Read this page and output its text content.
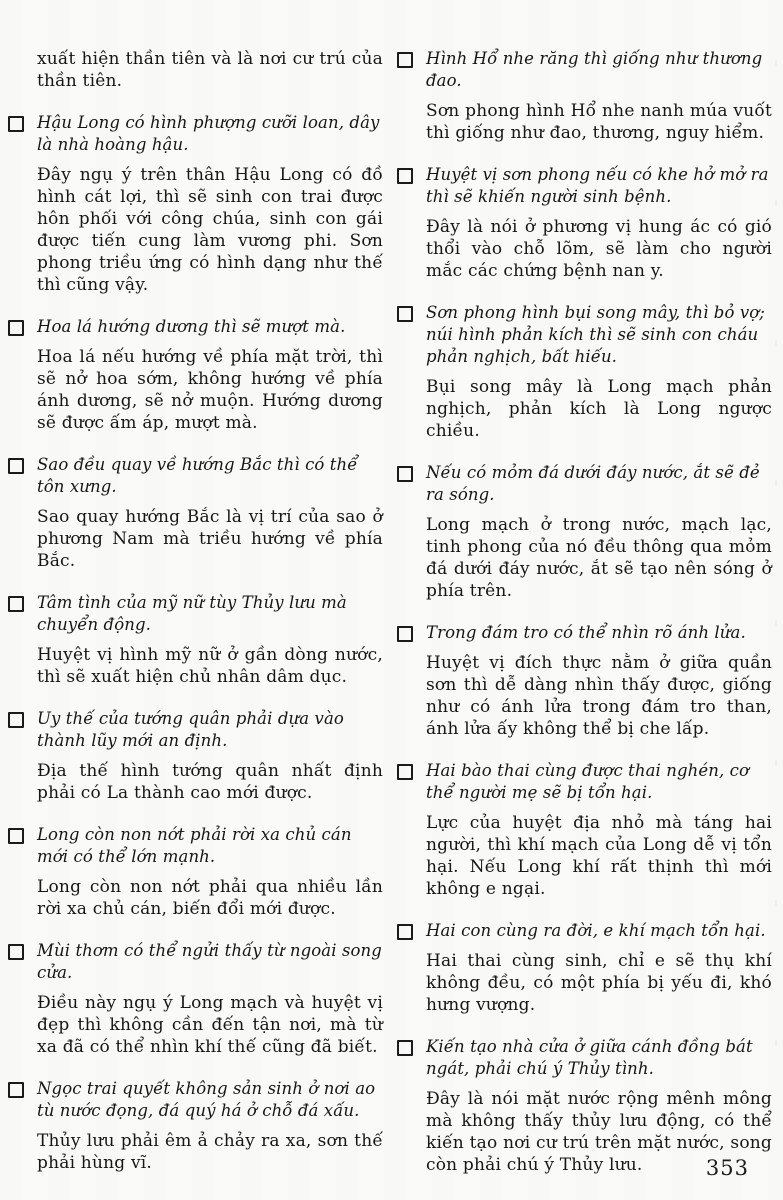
xuất hiện thần tiên và là nơi cư trú của thần tiên.

Hậu Long có hình phượng cưỡi loan, dây là nhà hoàng hậu.

Đây ngụ ý trên thân Hậu Long có đồ hình cát lợi, thì sẽ sinh con trai được hôn phối với công chúa, sinh con gái được tiến cung làm vương phi. Sơn phong triều ứng có hình dạng như thế thì cũng vậy.

Hoa lá hướng dương thì sẽ mượt mà.

Hoa lá nếu hướng về phía mặt trời, thì sẽ nở hoa sớm, không hướng về phía ánh dương, sẽ nở muộn. Hướng dương sẽ được ấm áp, mượt mà.

Sao đều quay về hướng Bắc thì có thể tôn xưng.

Sao quay hướng Bắc là vị trí của sao ở phương Nam mà triều hướng về phía Bắc.

Tâm tình của mỹ nữ tùy Thủy lưu mà chuyển động.

Huyệt vị hình mỹ nữ ở gần dòng nước, thì sẽ xuất hiện chủ nhân dâm dục.

Uy thế của tướng quân phải dựa vào thành lũy mới an định.

Địa thế hình tướng quân nhất định phải có La thành cao mới được.

Long còn non nớt phải rời xa chủ cán mới có thể lớn mạnh.

Long còn non nớt phải qua nhiều lần rời xa chủ cán, biến đổi mới được.

Mùi thơm có thể ngửi thấy từ ngoài song cửa.

Điều này ngụ ý Long mạch và huyệt vị đẹp thì không cần đến tận nơi, mà từ xa đã có thể nhìn khí thế cũng đã biết.

Ngọc trai quyết không sản sinh ở nơi ao tù nước đọng, đá quý há ở chỗ đá xấu.

Thủy lưu phải êm ả chảy ra xa, sơn thế phải hùng vĩ.

Hình Hổ nhe răng thì giống như thương đao.

Sơn phong hình Hổ nhe nanh múa vuốt thì giống như đao, thương, nguy hiểm.

Huyệt vị sơn phong nếu có khe hở mở ra thì sẽ khiến người sinh bệnh.

Đây là nói ở phương vị hung ác có gió thổi vào chỗ lõm, sẽ làm cho người mắc các chứng bệnh nan y.

Sơn phong hình bụi song mây, thì bỏ vợ; núi hình phản kích thì sẽ sinh con cháu phản nghịch, bất hiếu.

Bụi song mây là Long mạch phản nghịch, phản kích là Long ngược chiều.

Nếu có mỏm đá dưới đáy nước, ắt sẽ đẻ ra sóng.

Long mạch ở trong nước, mạch lạc, tinh phong của nó đều thông qua mỏm đá dưới đáy nước, ắt sẽ tạo nên sóng ở phía trên.

Trong đám tro có thể nhìn rõ ánh lửa.

Huyệt vị đích thực nằm ở giữa quần sơn thì dễ dàng nhìn thấy được, giống như có ánh lửa trong đám tro than, ánh lửa ấy không thể bị che lấp.

Hai bào thai cùng được thai nghén, cơ thể người mẹ sẽ bị tổn hại.

Lực của huyệt địa nhỏ mà táng hai người, thì khí mạch của Long dễ vị tổn hại. Nếu Long khí rất thịnh thì mới không e ngại.

Hai con cùng ra đời, e khí mạch tổn hại.

Hai thai cùng sinh, chỉ e sẽ thụ khí không đều, có một phía bị yếu đi, khó hưng vượng.

Kiến tạo nhà cửa ở giữa cánh đồng bát ngát, phải chú ý Thủy tình.

Đây là nói mặt nước rộng mênh mông mà không thấy thủy lưu động, có thể kiến tạo nơi cư trú trên mặt nước, song còn phải chú ý Thủy lưu.	353
